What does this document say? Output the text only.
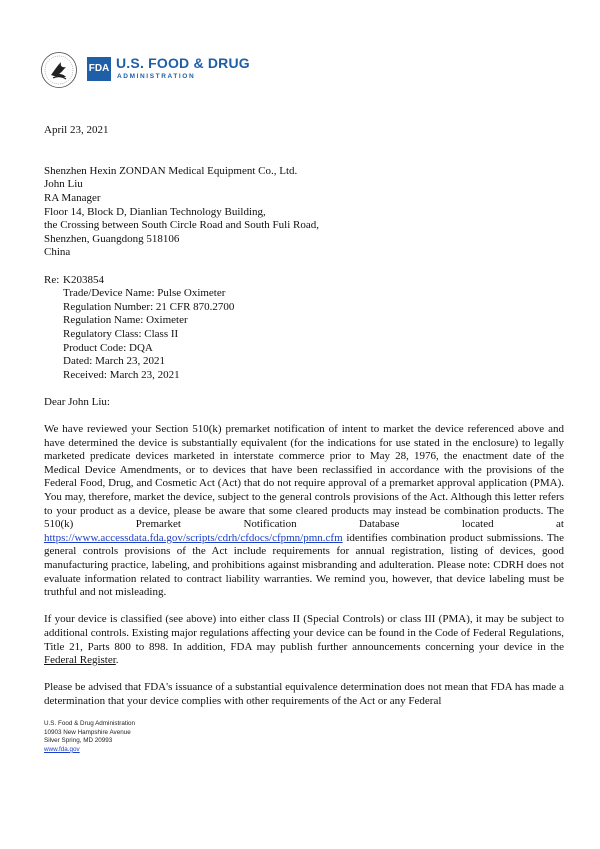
FDA U.S. FOOD & DRUG
ADMINISTRATION
April 23, 2021
Shenzhen Hexin ZONDAN Medical Equipment Co., Ltd.
John Liu
RA Manager
Floor 14, Block D, Dianlian Technology Building,
the Crossing between South Circle Road and South Fuli Road,
Shenzhen, Guangdong 518106
China
Re: K203854
Trade/Device Name: Pulse Oximeter
Regulation Number: 21 CFR 870.2700
Regulation Name: Oximeter
Regulatory Class: Class II
Product Code: DQA
Dated: March 23, 2021
Received: March 23, 2021
Dear John Liu:
We have reviewed your Section 510(k) premarket notification of intent to market the device referenced above and have determined the device is substantially equivalent (for the indications for use stated in the enclosure) to legally marketed predicate devices marketed in interstate commerce prior to May 28, 1976, the enactment date of the Medical Device Amendments, or to devices that have been reclassified in accordance with the provisions of the Federal Food, Drug, and Cosmetic Act (Act) that do not require approval of a premarket approval application (PMA). You may, therefore, market the device, subject to the general controls provisions of the Act. Although this letter refers to your product as a device, please be aware that some cleared products may instead be combination products. The 510(k) Premarket Notification Database located at https://www.accessdata.fda.gov/scripts/cdrh/cfdocs/cfpmn/pmn.cfm identifies combination product submissions. The general controls provisions of the Act include requirements for annual registration, listing of devices, good manufacturing practice, labeling, and prohibitions against misbranding and adulteration. Please note: CDRH does not evaluate information related to contract liability warranties. We remind you, however, that device labeling must be truthful and not misleading.
If your device is classified (see above) into either class II (Special Controls) or class III (PMA), it may be subject to additional controls. Existing major regulations affecting your device can be found in the Code of Federal Regulations, Title 21, Parts 800 to 898. In addition, FDA may publish further announcements concerning your device in the Federal Register.
Please be advised that FDA's issuance of a substantial equivalence determination does not mean that FDA has made a determination that your device complies with other requirements of the Act or any Federal
U.S. Food & Drug Administration
10903 New Hampshire Avenue
Silver Spring, MD 20993
www.fda.gov
